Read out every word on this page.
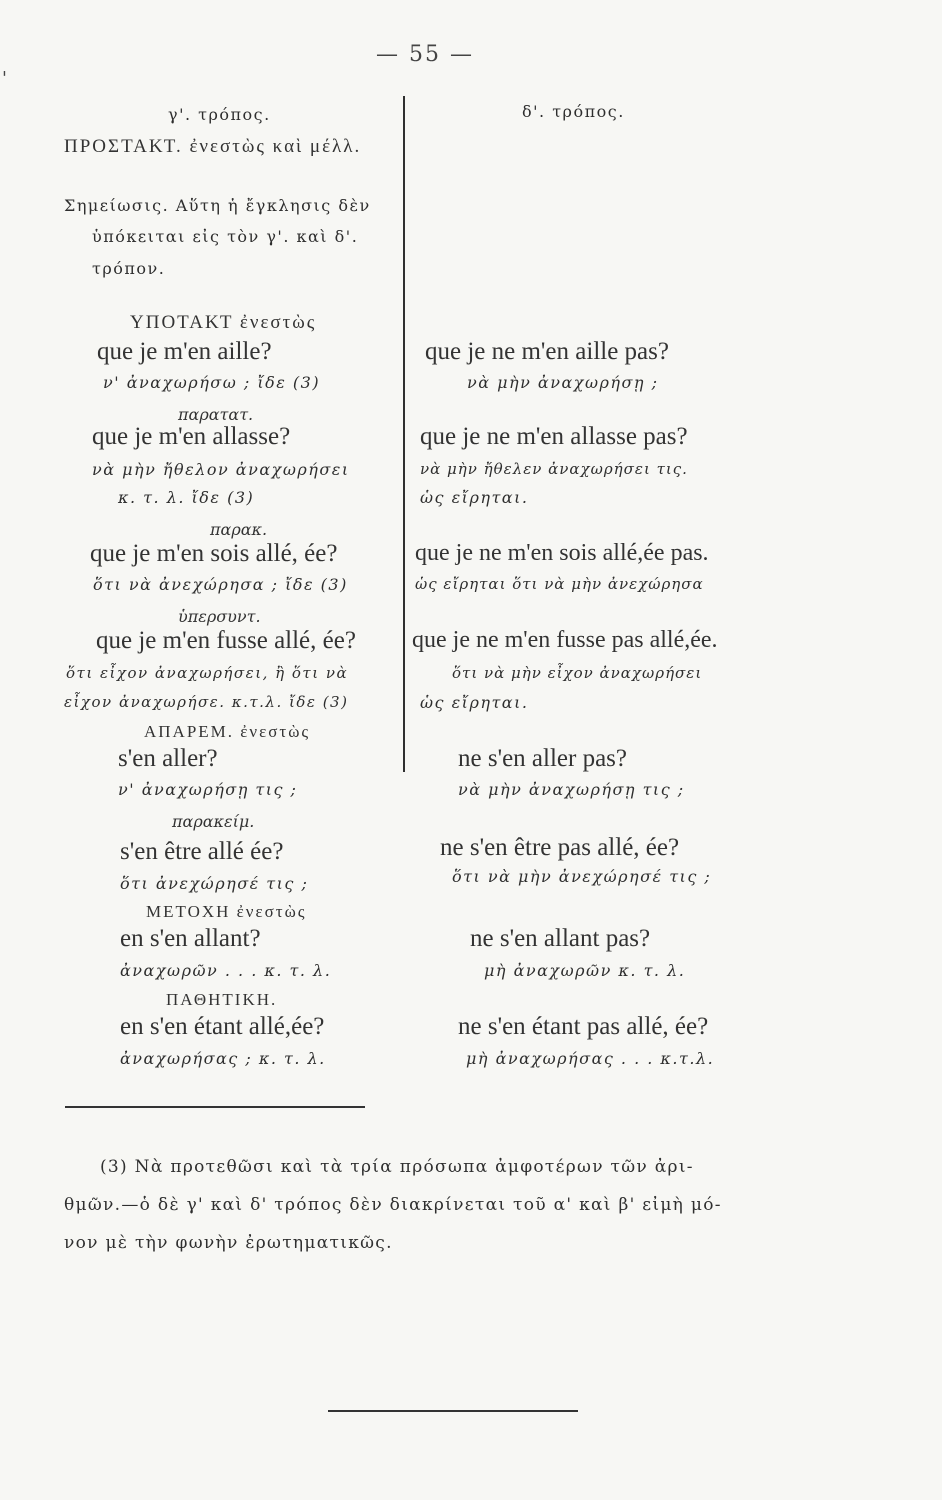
'
— 55 —
γ'. τρόπος.
ΠΡΟΣΤΑΚΤ. ἐνεστὼς καὶ μέλλ.
Σημείωσις. Αὕτη ἡ ἔγκλησις δὲν
ὑπόκειται εἰς τὸν γ'. καὶ δ'.
τρόπον.
ΥΠΟΤΑΚΤ ἐνεστὼς
que je m'en aille?
ν' ἀναχωρήσω ; ἴδε (3)
παρατατ.
que je m'en allasse?
νὰ μὴν ἤθελον ἀναχωρήσει
κ. τ. λ. ἴδε (3)
παρακ.
que je m'en sois allé, ée?
ὅτι νὰ ἀνεχώρησα ; ἴδε (3)
ὑπερσυντ.
que je m'en fusse allé, ée?
ὅτι εἶχον ἀναχωρήσει, ἢ ὅτι νὰ
εἶχον ἀναχωρήσε. κ.τ.λ. ἴδε (3)
ΑΠΑΡΕΜ. ἐνεστὼς
s'en aller?
ν' ἀναχωρήσῃ τις ;
παρακείμ.
s'en être allé ée?
ὅτι ἀνεχώρησέ τις ;
ΜΕΤΟΧΗ ἐνεστὼς
en s'en allant?
ἀναχωρῶν . . . κ. τ. λ.
ΠΑΘΗΤΙΚΗ.
en s'en étant allé,ée?
ἀναχωρήσας ; κ. τ. λ.
δ'. τρόπος.
que je ne m'en aille pas?
νὰ μὴν ἀναχωρήσῃ ;
que je ne m'en allasse pas?
νὰ μὴν ἤθελεν ἀναχωρήσει τις.
ὡς εἴρηται.
que je ne m'en sois allé,ée pas.
ὡς εἴρηται ὅτι νὰ μὴν ἀνεχώρησα
que je ne m'en fusse pas allé,ée.
ὅτι νὰ μὴν εἶχον ἀναχωρήσει
ὡς εἴρηται.
ne s'en aller pas?
νὰ μὴν ἀναχωρήσῃ τις ;
ne s'en être pas allé, ée?
ὅτι νὰ μὴν ἀνεχώρησέ τις ;
ne s'en allant pas?
μὴ ἀναχωρῶν κ. τ. λ.
ne s'en étant pas allé, ée?
μὴ ἀναχωρήσας . . . κ.τ.λ.
(3) Νὰ προτεθῶσι καὶ τὰ τρία πρόσωπα ἀμφοτέρων τῶν ἀρι-
θμῶν.—ὁ δὲ γ' καὶ δ' τρόπος δὲν διακρίνεται τοῦ α' καὶ β' εἰμὴ μό-
νον μὲ τὴν φωνὴν ἐρωτηματικῶς.
